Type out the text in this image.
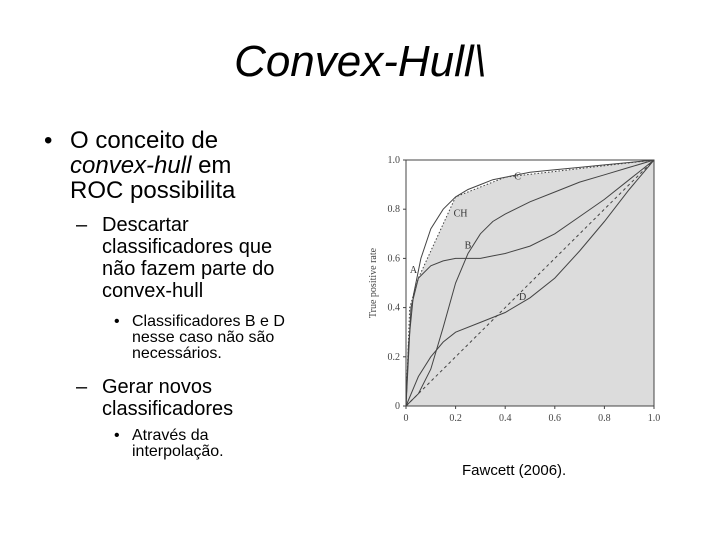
Convex-Hull\
• O conceito de
convex-hull em
ROC possibilita
– Descartar
classificadores que
não fazem parte do
convex-hull
• Classificadores B e D
nesse caso não são
necessários.
– Gerar novos
classificadores
• Através da
interpolação.
0	0.2	0.4	0.6	0.8	1.0
0
0.2
0.4
0.6
0.8
1.0
True positive rate
C
CH
B
A
D
Fawcett (2006).
